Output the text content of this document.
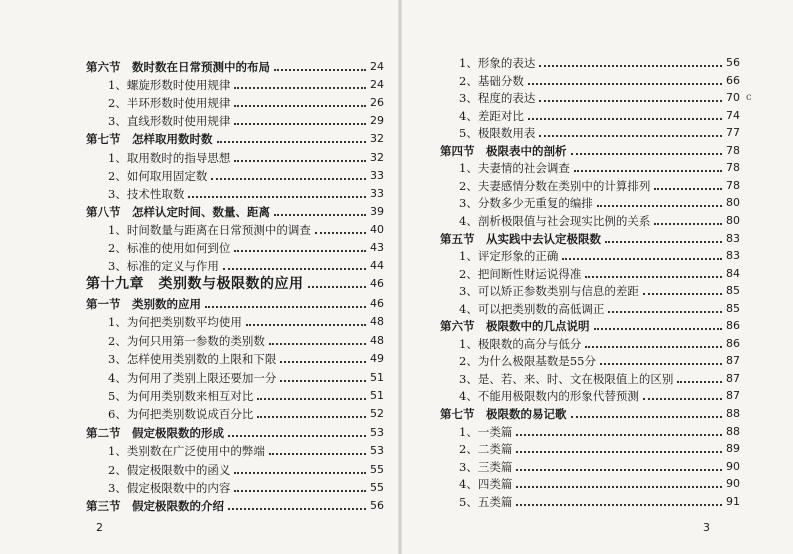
第六节　数时数在日常预测中的布局	24
1、螺旋形数时使用规律	24
2、半环形数时使用规律	26
3、直线形数时使用规律	29
第七节　怎样取用数时数	32
1、取用数时的指导思想	32
2、如何取用固定数	33
3、技术性取数	33
第八节　怎样认定时间、数量、距离	39
1、时间数量与距离在日常预测中的调查	40
2、标准的使用如何到位	43
3、标准的定义与作用	44
第十九章　类别数与极限数的应用	46
第一节　类别数的应用	46
1、为何把类别数平均使用	48
2、为何只用第一参数的类别数	48
3、怎样使用类别数的上限和下限	49
4、为何用了类别上限还要加一分	51
5、为何用类别数来相互对比	51
6、为何把类别数说成百分比	52
第二节　假定极限数的形成	53
1、类别数在广泛使用中的弊端	53
2、假定极限数中的函义	55
3、假定极限数中的内容	55
第三节　假定极限数的介绍	56
2
1、形象的表达	56
2、基础分数	66
3、程度的表达	70
4、差距对比	74
5、极限数用表	77
第四节　极限表中的剖析	78
1、夫妻情的社会调查	78
2、夫妻感情分数在类别中的计算排列	78
3、分数多少无重复的编排	80
4、剖析极限值与社会现实比例的关系	80
第五节　从实践中去认定极限数	83
1、评定形象的正确	83
2、把间断性财运说得准	84
3、可以矫正参数类别与信息的差距	85
4、可以把类别数的高低调正	85
第六节　极限数中的几点说明	86
1、极限数的高分与低分	86
2、为什么极限基数是55分	87
3、是、若、来、时、文在极限值上的区别	87
4、不能用极限数内的形象代替预测	87
第七节　极限数的易记歌	88
1、一类篇	88
2、二类篇	89
3、三类篇	90
4、四类篇	90
5、五类篇	91
c
3
